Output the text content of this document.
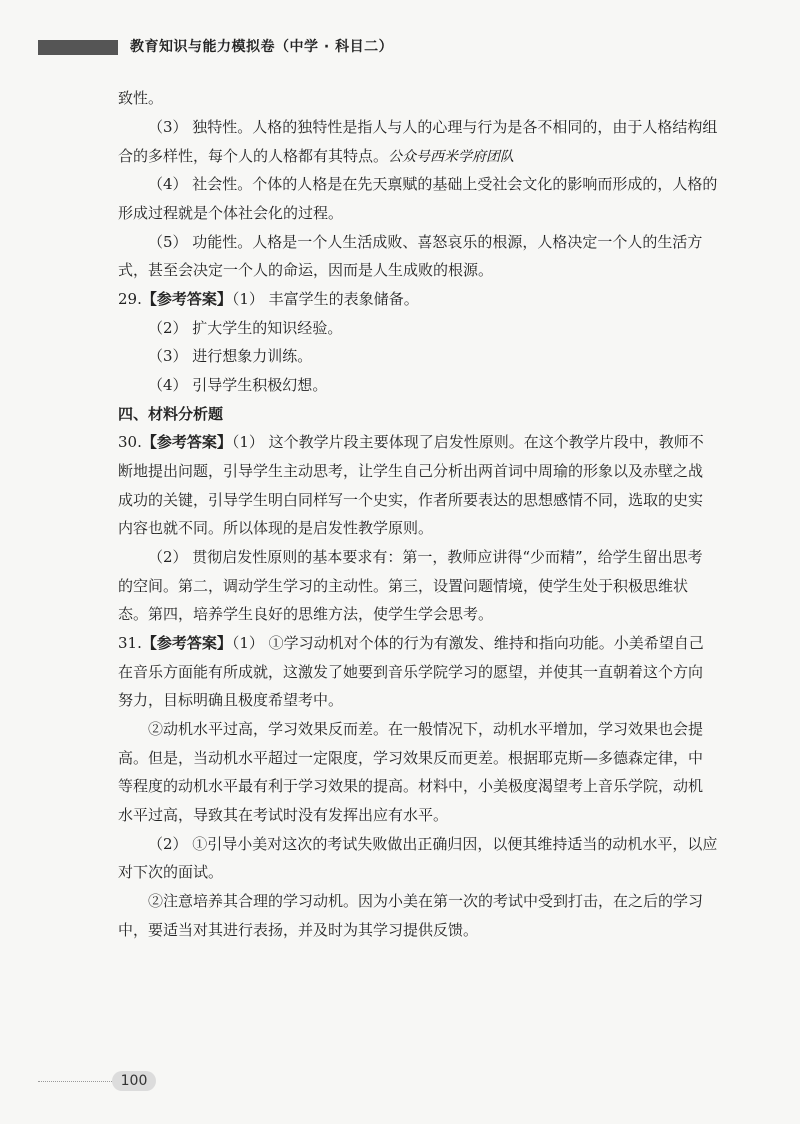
教育知识与能力模拟卷（中学 · 科目二）
致性。
（3） 独特性。人格的独特性是指人与人的心理与行为是各不相同的，由于人格结构组
合的多样性，每个人的人格都有其特点。公众号西米学府团队
（4） 社会性。个体的人格是在先天禀赋的基础上受社会文化的影响而形成的，人格的
形成过程就是个体社会化的过程。
（5） 功能性。人格是一个人生活成败、喜怒哀乐的根源，人格决定一个人的生活方
式，甚至会决定一个人的命运，因而是人生成败的根源。
29.【参考答案】（1） 丰富学生的表象储备。
（2） 扩大学生的知识经验。
（3） 进行想象力训练。
（4） 引导学生积极幻想。
四、材料分析题
30.【参考答案】（1） 这个教学片段主要体现了启发性原则。在这个教学片段中，教师不
断地提出问题，引导学生主动思考，让学生自己分析出两首词中周瑜的形象以及赤壁之战
成功的关键，引导学生明白同样写一个史实，作者所要表达的思想感情不同，选取的史实
内容也就不同。所以体现的是启发性教学原则。
（2） 贯彻启发性原则的基本要求有：第一，教师应讲得“少而精”，给学生留出思考
的空间。第二，调动学生学习的主动性。第三，设置问题情境，使学生处于积极思维状
态。第四，培养学生良好的思维方法，使学生学会思考。
31.【参考答案】（1） ①学习动机对个体的行为有激发、维持和指向功能。小美希望自己
在音乐方面能有所成就，这激发了她要到音乐学院学习的愿望，并使其一直朝着这个方向
努力，目标明确且极度希望考中。
②动机水平过高，学习效果反而差。在一般情况下，动机水平增加，学习效果也会提
高。但是，当动机水平超过一定限度，学习效果反而更差。根据耶克斯—多德森定律，中
等程度的动机水平最有利于学习效果的提高。材料中，小美极度渴望考上音乐学院，动机
水平过高，导致其在考试时没有发挥出应有水平。
（2） ①引导小美对这次的考试失败做出正确归因，以便其维持适当的动机水平，以应
对下次的面试。
②注意培养其合理的学习动机。因为小美在第一次的考试中受到打击，在之后的学习
中，要适当对其进行表扬，并及时为其学习提供反馈。
100
